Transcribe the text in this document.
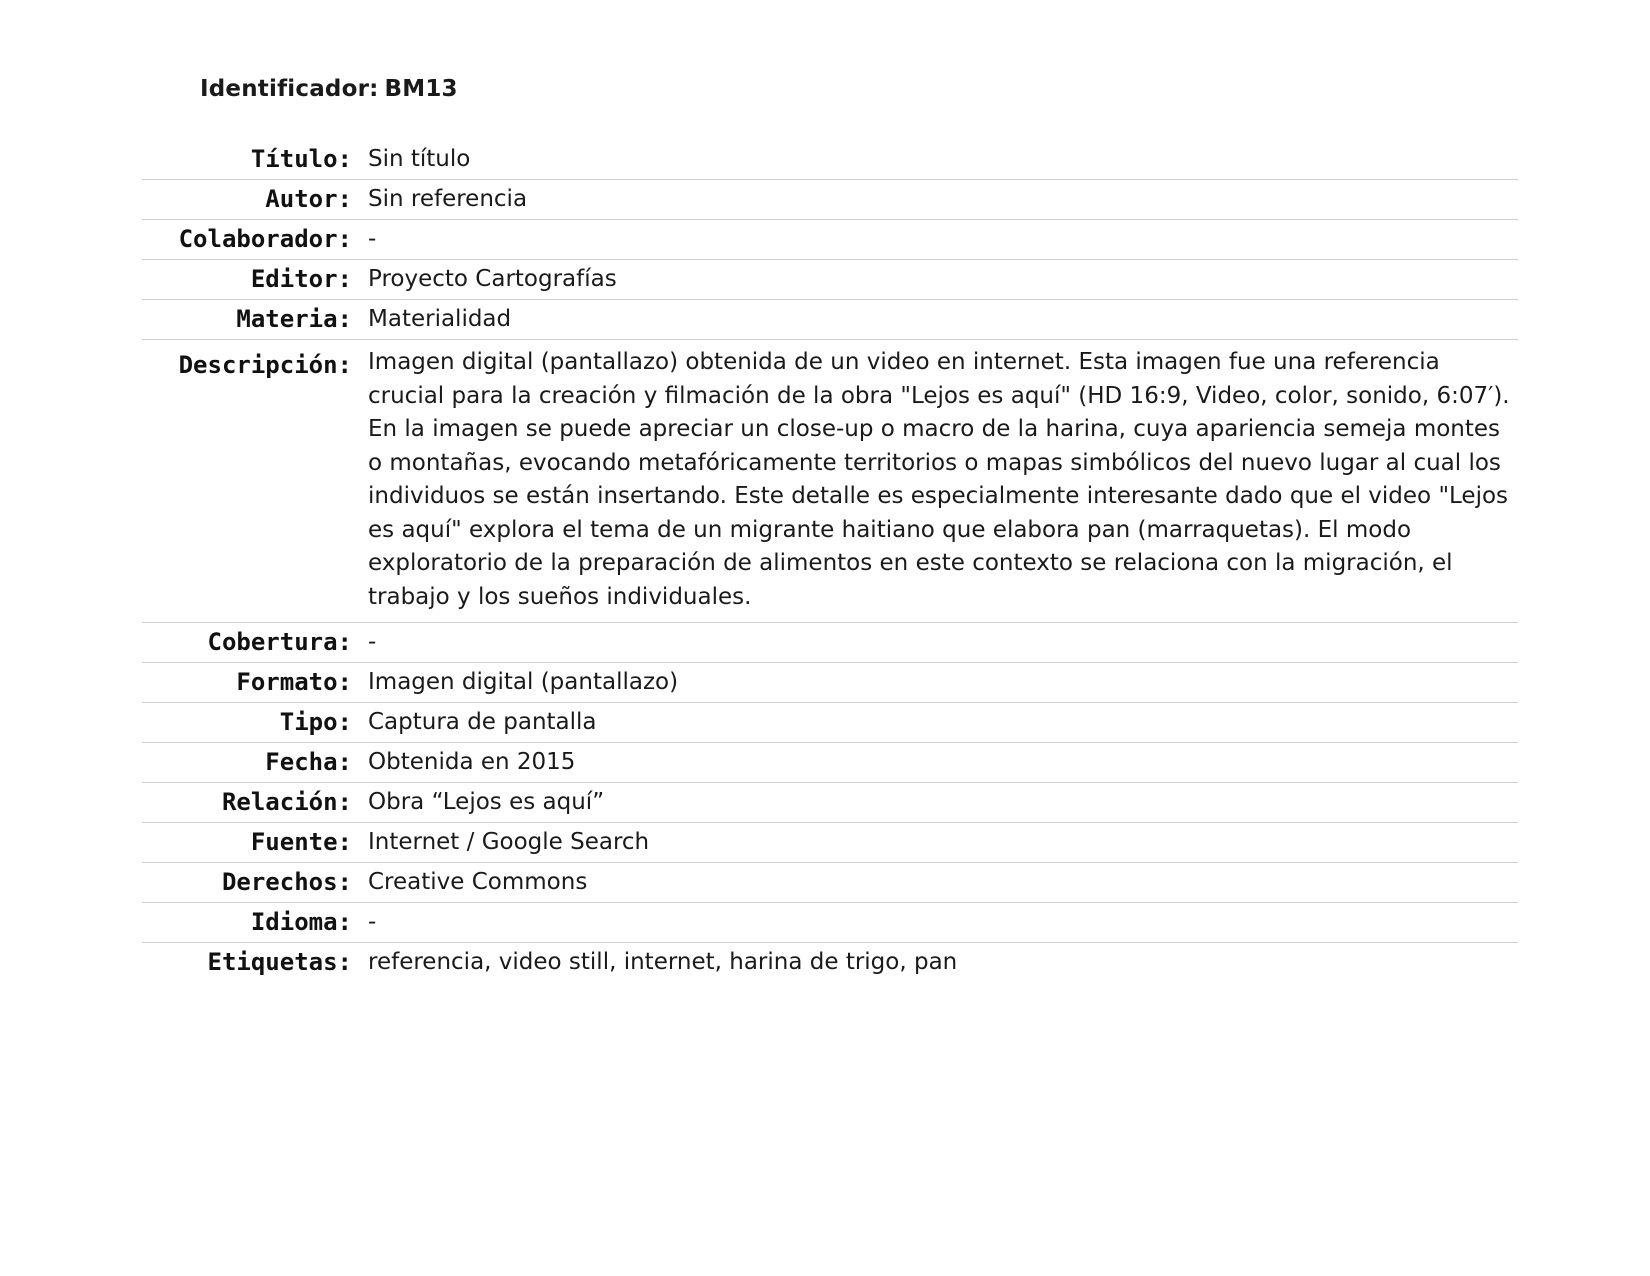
Identificador: BM13
Título:	Sin título
Autor:	Sin referencia
Colaborador:	-
Editor:	Proyecto Cartografías
Materia:	Materialidad
Descripción:	Imagen digital (pantallazo) obtenida de un video en internet. Esta imagen fue una referencia crucial para la creación y filmación de la obra "Lejos es aquí" (HD 16:9, Video, color, sonido, 6:07′). En la imagen se puede apreciar un close-up o macro de la harina, cuya apariencia semeja montes o montañas, evocando metafóricamente territorios o mapas simbólicos del nuevo lugar al cual los individuos se están insertando. Este detalle es especialmente interesante dado que el video "Lejos es aquí" explora el tema de un migrante haitiano que elabora pan (marraquetas). El modo exploratorio de la preparación de alimentos en este contexto se relaciona con la migración, el trabajo y los sueños individuales.
Cobertura:	-
Formato:	Imagen digital (pantallazo)
Tipo:	Captura de pantalla
Fecha:	Obtenida en 2015
Relación:	Obra “Lejos es aquí”
Fuente:	Internet / Google Search
Derechos:	Creative Commons
Idioma:	-
Etiquetas:	referencia, video still, internet, harina de trigo, pan
